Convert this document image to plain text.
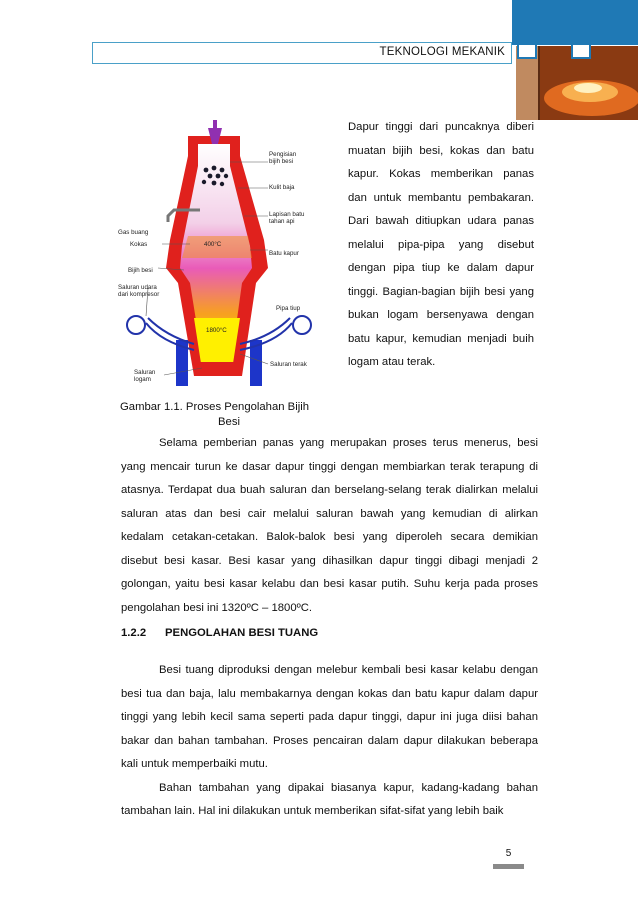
TEKNOLOGI MEKANIK
Pengisian
bijih besi
Kulit baja
Lapisan batu
tahan api
Gas buang
Kokas
Batu kapur
Bijih besi
Saluran udara
dari kompresor
Pipa tiup
Saluran terak
Saluran
logam
400°C
1800°C

Dapur tinggi dari puncaknya diberi muatan bijih besi, kokas dan batu kapur. Kokas memberikan panas dan untuk membantu pembakaran. Dari bawah ditiupkan udara panas melalui pipa-pipa yang disebut dengan pipa tiup ke dalam dapur tinggi. Bagian-bagian bijih besi yang bukan logam bersenyawa dengan batu kapur, kemudian menjadi buih logam atau terak.

Gambar 1.1. Proses Pengolahan Bijih
Besi

Selama pemberian panas yang merupakan proses terus menerus, besi yang mencair turun ke dasar dapur tinggi dengan membiarkan terak terapung di atasnya. Terdapat dua buah saluran dan berselang-selang terak dialirkan melalui saluran atas dan besi cair melalui saluran bawah yang kemudian di alirkan kedalam cetakan-cetakan. Balok-balok besi yang diperoleh secara demikian disebut besi kasar. Besi kasar yang dihasilkan dapur tinggi dibagi menjadi 2 golongan, yaitu besi kasar kelabu dan besi kasar putih. Suhu kerja pada proses pengolahan besi ini 1320ºC – 1800ºC.

1.2.2 PENGOLAHAN BESI TUANG
Besi tuang diproduksi dengan melebur kembali besi kasar kelabu dengan besi tua dan baja, lalu membakarnya dengan kokas dan batu kapur dalam dapur tinggi yang lebih kecil sama seperti pada dapur tinggi, dapur ini juga diisi bahan bakar dan bahan tambahan. Proses pencairan dalam dapur dilakukan beberapa kali untuk memperbaiki mutu.
Bahan tambahan yang dipakai biasanya kapur, kadang-kadang bahan tambahan lain. Hal ini dilakukan untuk memberikan sifat-sifat yang lebih baik
5
